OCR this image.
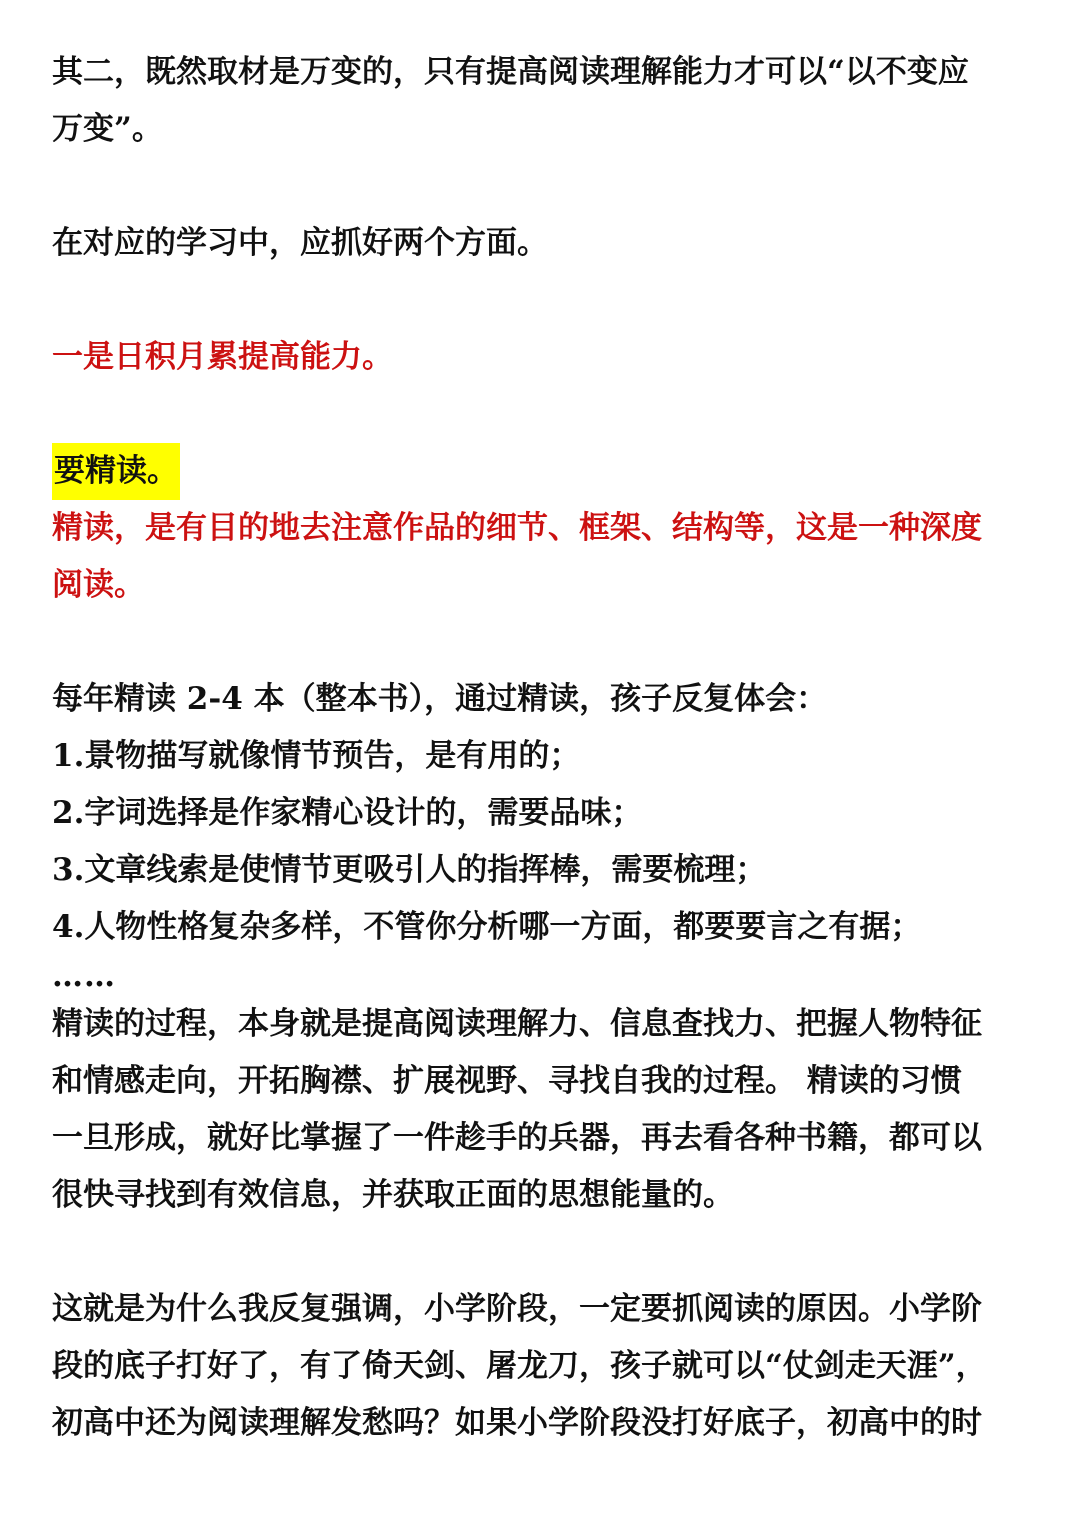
其二，既然取材是万变的，只有提高阅读理解能力才可以“以不变应

万变”。

在对应的学习中，应抓好两个方面。

一是日积月累提高能力。

要精读。

精读，是有目的地去注意作品的细节、框架、结构等，这是一种深度

阅读。

每年精读 2-4 本（整本书），通过精读，孩子反复体会：

1.景物描写就像情节预告，是有用的；

2.字词选择是作家精心设计的，需要品味；

3.文章线索是使情节更吸引人的指挥棒，需要梳理；

4.人物性格复杂多样，不管你分析哪一方面，都要要言之有据；

……

精读的过程，本身就是提高阅读理解力、信息查找力、把握人物特征

和情感走向，开拓胸襟、扩展视野、寻找自我的过程。 精读的习惯

一旦形成，就好比掌握了一件趁手的兵器，再去看各种书籍，都可以

很快寻找到有效信息，并获取正面的思想能量的。

这就是为什么我反复强调，小学阶段，一定要抓阅读的原因。小学阶

段的底子打好了，有了倚天剑、屠龙刀，孩子就可以“仗剑走天涯”，

初高中还为阅读理解发愁吗？如果小学阶段没打好底子，初高中的时
